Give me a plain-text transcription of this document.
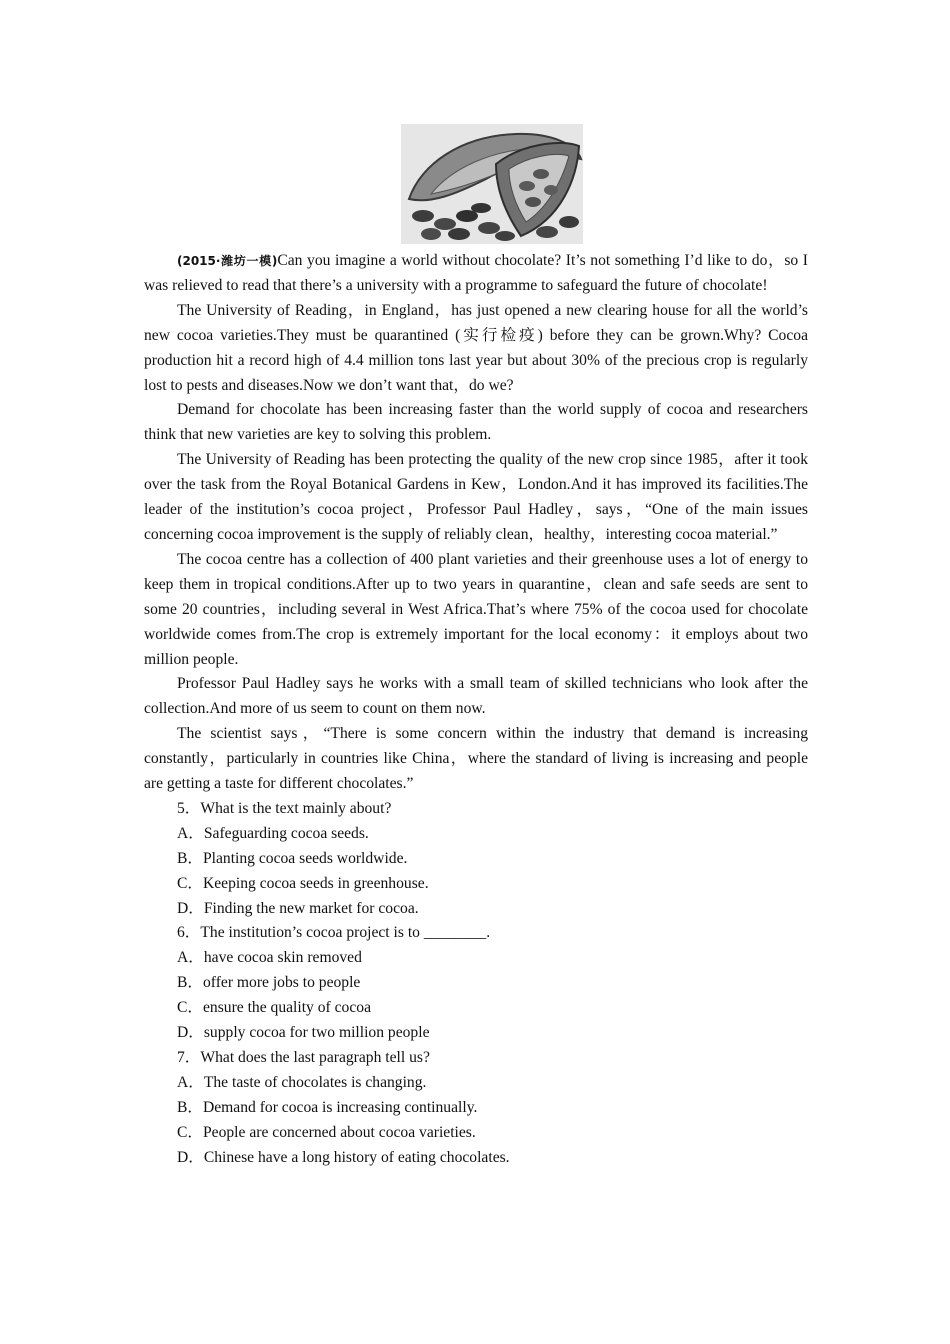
(2015·潍坊一模)Can you imagine a world without chocolate? It’s not something I’d like to do，so I was relieved to read that there’s a university with a programme to safeguard the future of chocolate!

The University of Reading，in England，has just opened a new clearing house for all the world’s new cocoa varieties.They must be quarantined (实行检疫) before they can be grown.Why? Cocoa production hit a record high of 4.4 million tons last year but about 30% of the precious crop is regularly lost to pests and diseases.Now we don’t want that，do we?

Demand for chocolate has been increasing faster than the world supply of cocoa and researchers think that new varieties are key to solving this problem.

The University of Reading has been protecting the quality of the new crop since 1985，after it took over the task from the Royal Botanical Gardens in Kew，London.And it has improved its facilities.The leader of the institution’s cocoa project，Professor Paul Hadley，says，“One of the main issues concerning cocoa improvement is the supply of reliably clean，healthy，interesting cocoa material.”

The cocoa centre has a collection of 400 plant varieties and their greenhouse uses a lot of energy to keep them in tropical conditions.After up to two years in quarantine，clean and safe seeds are sent to some 20 countries，including several in West Africa.That’s where 75% of the cocoa used for chocolate worldwide comes from.The crop is extremely important for the local economy：it employs about two million people.

Professor Paul Hadley says he works with a small team of skilled technicians who look after the collection.And more of us seem to count on them now.

The scientist says，“There is some concern within the industry that demand is increasing constantly，particularly in countries like China，where the standard of living is increasing and people are getting a taste for different chocolates.”

5．What is the text mainly about?

A．Safeguarding cocoa seeds.

B．Planting cocoa seeds worldwide.

C．Keeping cocoa seeds in greenhouse.

D．Finding the new market for cocoa.

6．The institution’s cocoa project is to ________.

A．have cocoa skin removed

B．offer more jobs to people

C．ensure the quality of cocoa

D．supply cocoa for two million people

7．What does the last paragraph tell us?

A．The taste of chocolates is changing.

B．Demand for cocoa is increasing continually.

C．People are concerned about cocoa varieties.

D．Chinese have a long history of eating chocolates.
